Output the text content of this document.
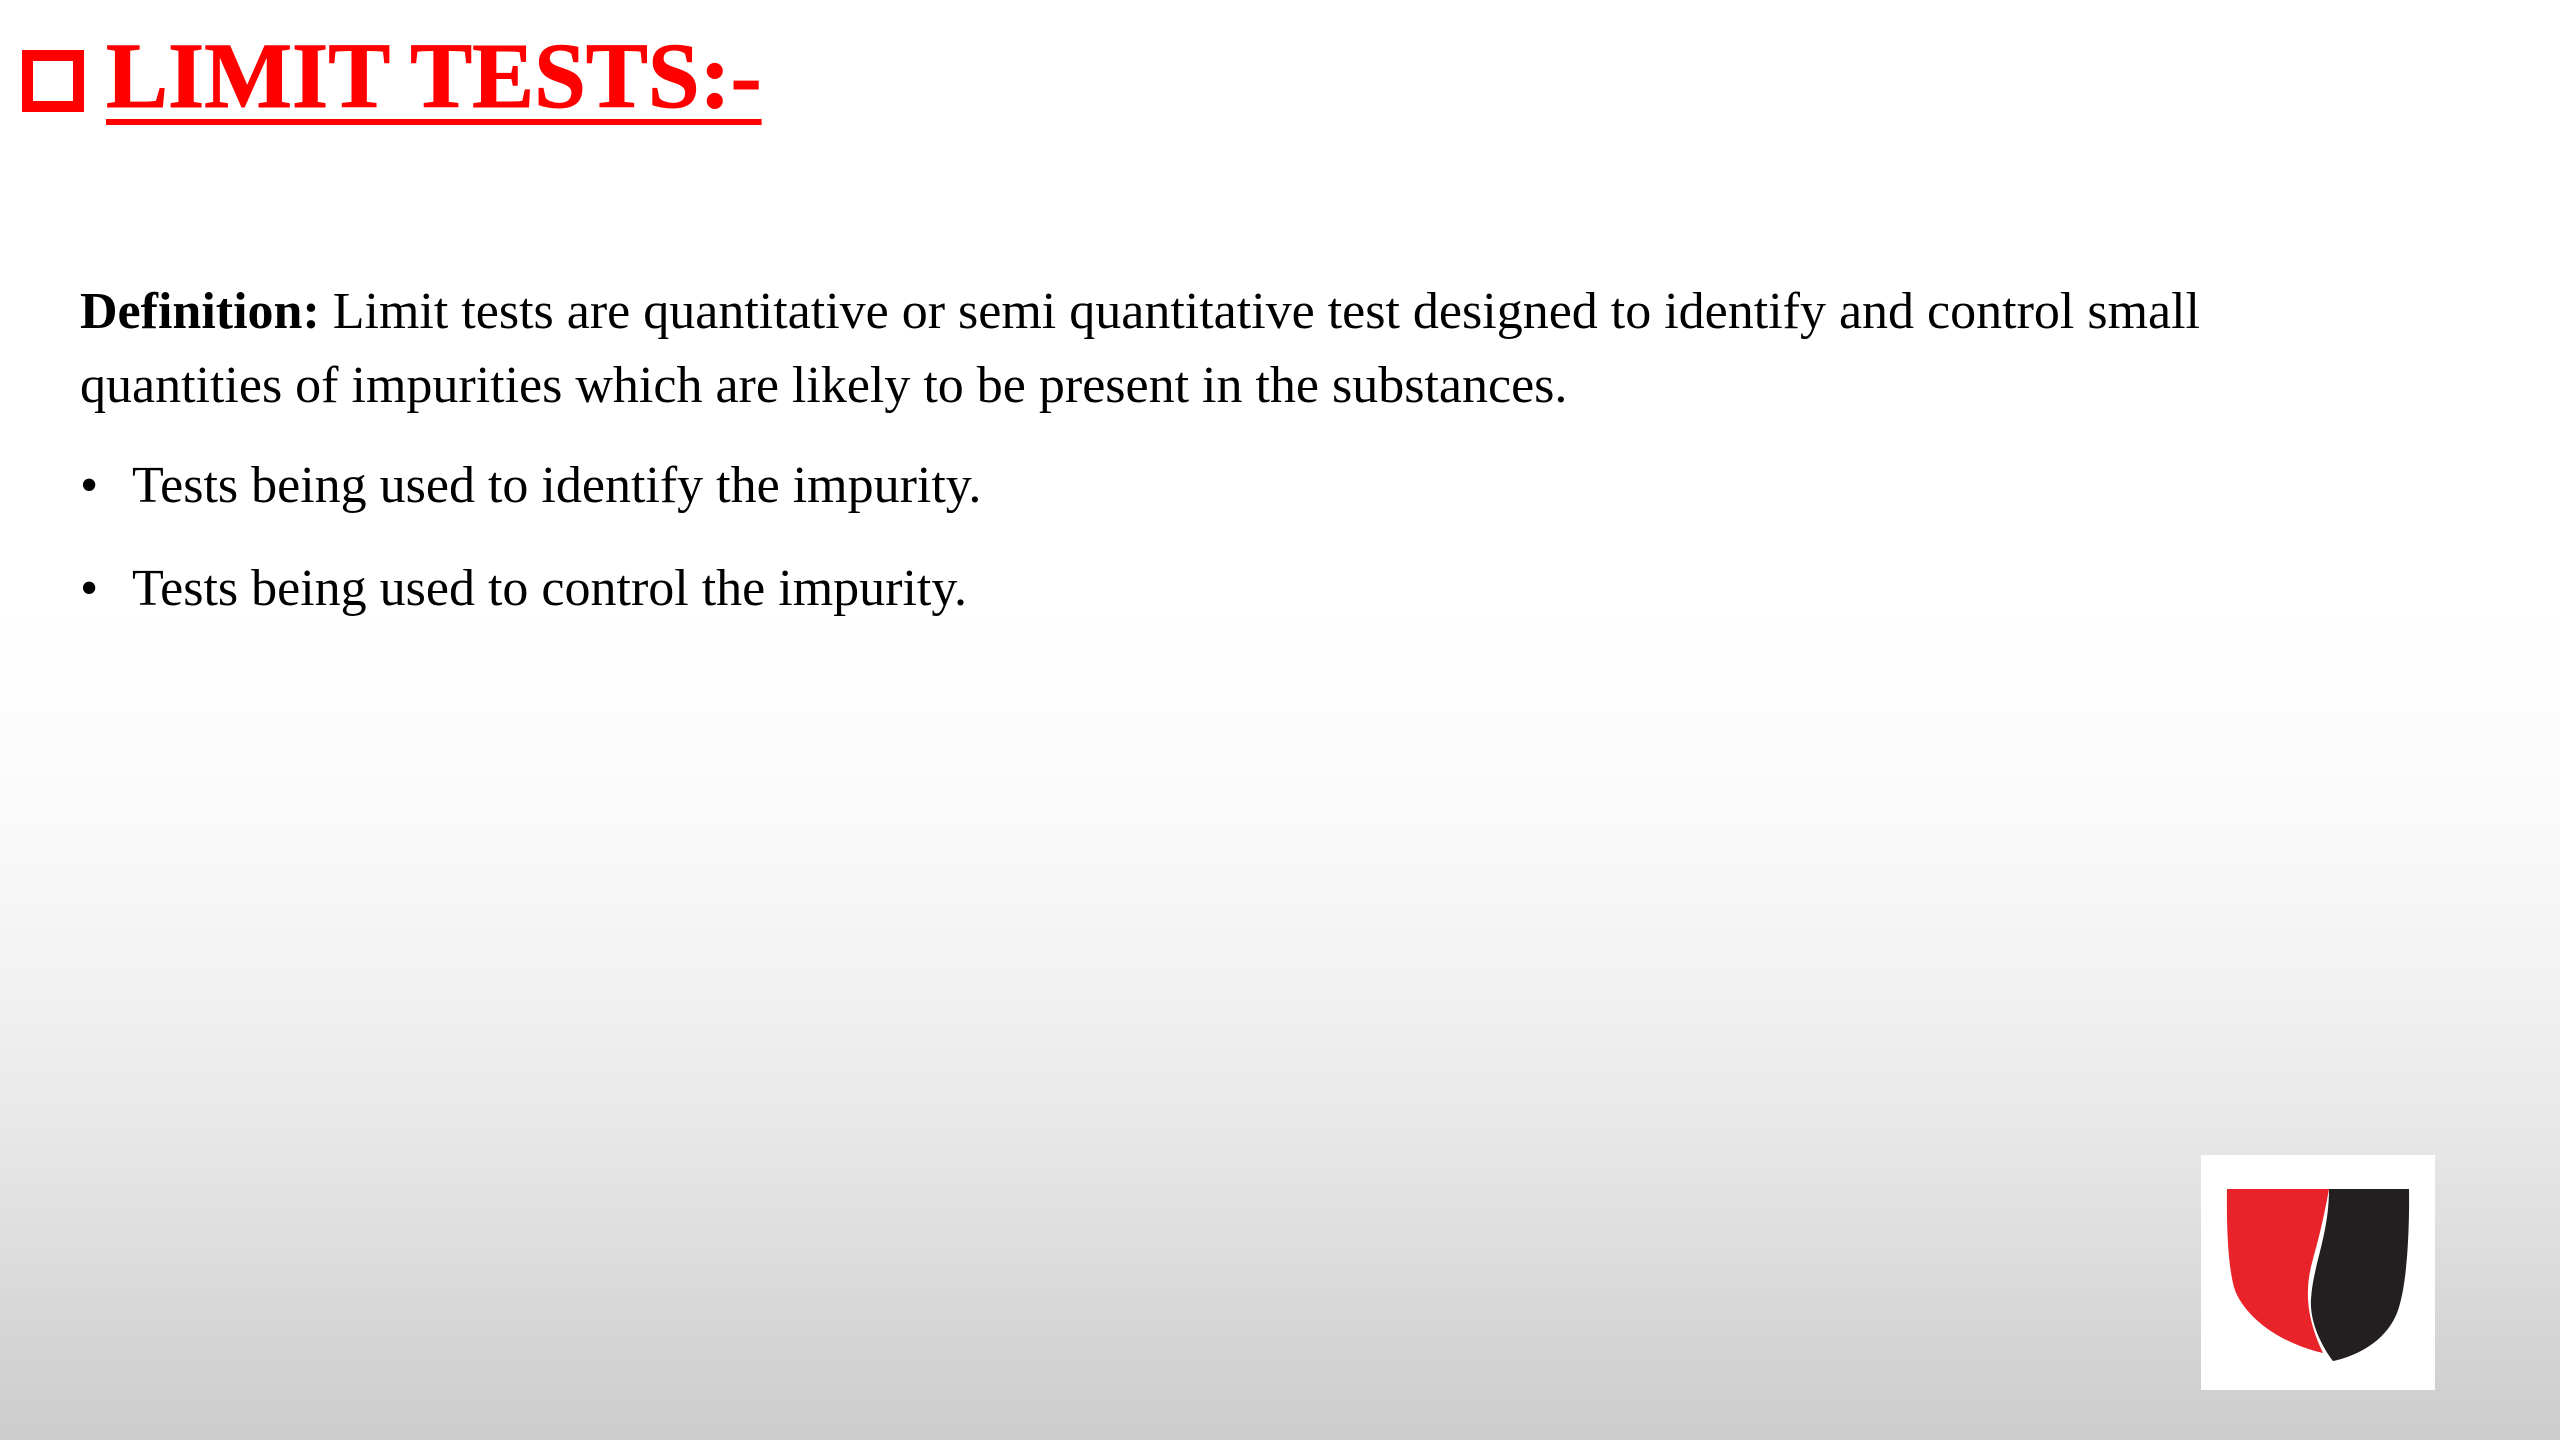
LIMIT TESTS:-

Definition: Limit tests are quantitative or semi quantitative test designed to identify and control small quantities of impurities which are likely to be present in the substances.

• Tests being used to identify the impurity.
• Tests being used to control the impurity.
